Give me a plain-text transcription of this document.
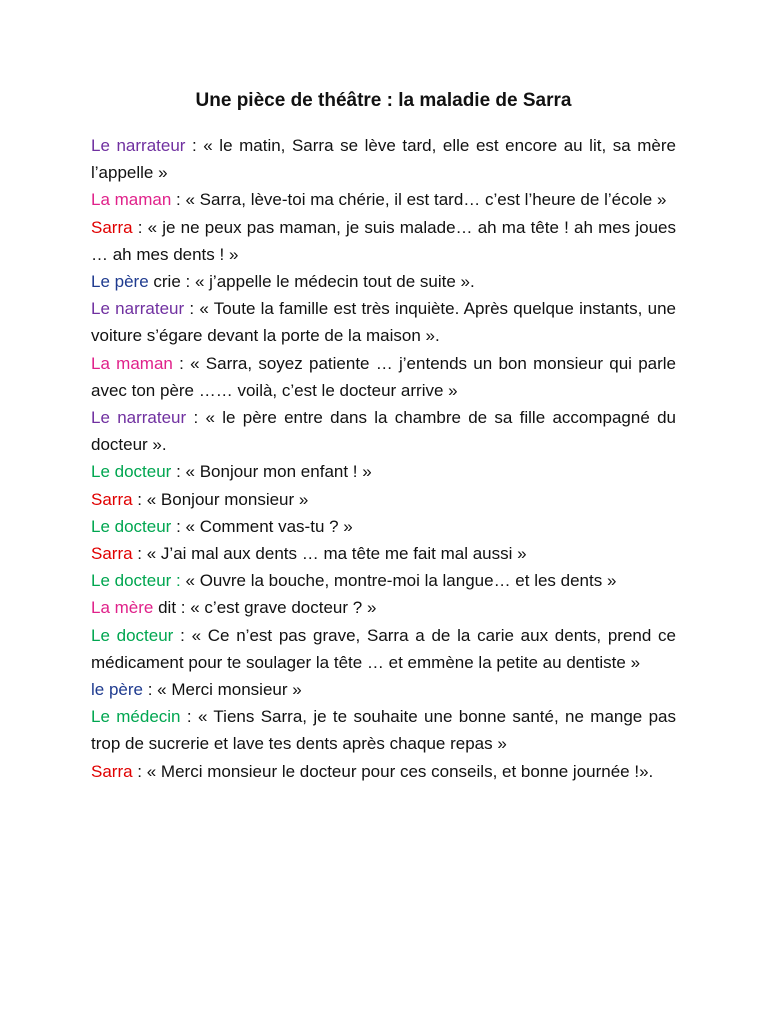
Une pièce de théâtre : la maladie de Sarra

Le narrateur : « le matin, Sarra se lève tard, elle est encore au lit, sa mère l’appelle »

La maman : « Sarra, lève-toi ma chérie, il est tard… c’est l’heure de l’école »

Sarra : « je ne peux pas maman, je suis malade… ah ma tête ! ah mes joues … ah mes dents ! »

Le père crie : « j’appelle le médecin tout de suite ».

Le narrateur : « Toute la famille est très inquiète. Après quelque instants, une voiture s’égare devant la porte de la maison ».

La maman : « Sarra, soyez patiente … j’entends un bon monsieur qui parle avec ton père …… voilà, c’est le docteur arrive »

Le narrateur : « le père entre dans la chambre de sa fille accompagné du docteur ».

Le docteur : « Bonjour mon enfant ! »

Sarra : « Bonjour monsieur »

Le docteur : « Comment vas-tu ? »

Sarra : « J’ai mal aux dents … ma tête me fait mal aussi »

Le docteur : « Ouvre la bouche, montre-moi la langue… et les dents »

La mère dit : « c’est grave docteur ? »

Le docteur : « Ce n’est pas grave, Sarra a de la carie aux dents, prend ce médicament pour te soulager la tête … et emmène la petite au dentiste »

le père : « Merci monsieur »

Le médecin : « Tiens Sarra, je te souhaite une bonne santé, ne mange pas trop de sucrerie et lave tes dents après chaque repas »

Sarra : « Merci monsieur le docteur pour ces conseils, et bonne journée !».
